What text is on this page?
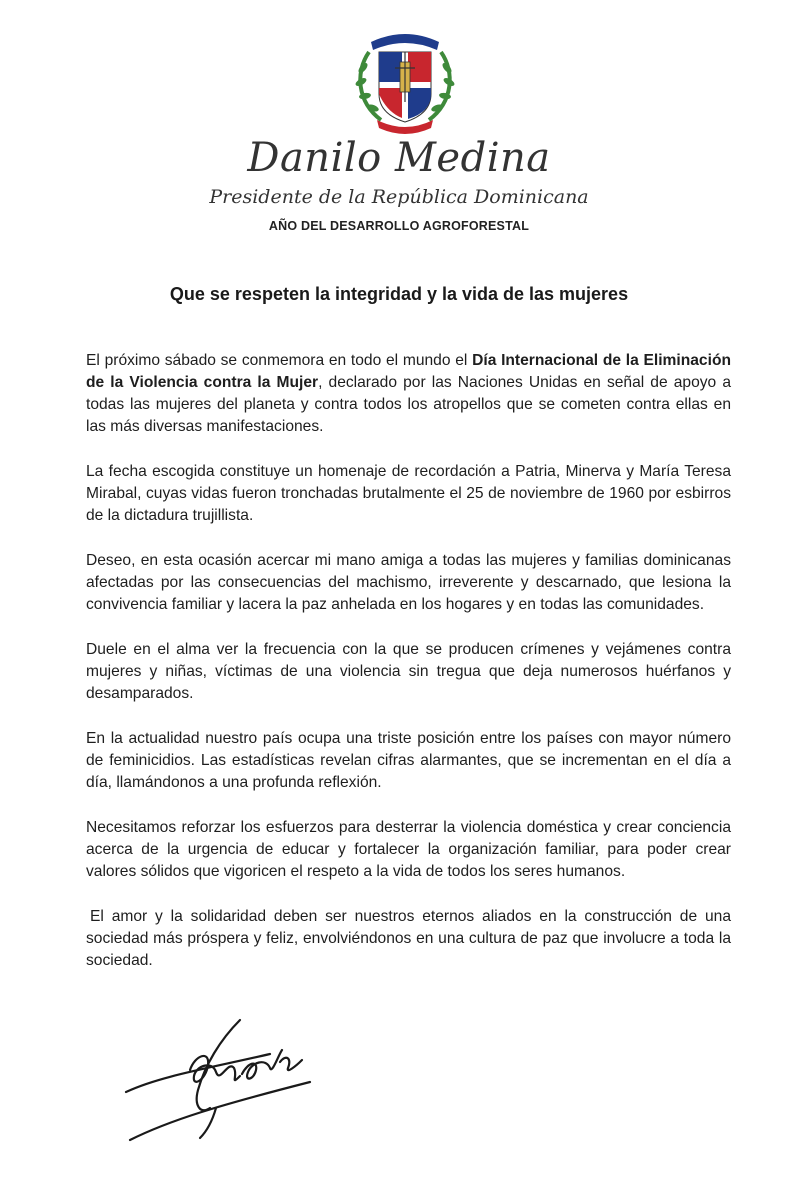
Danilo Medina
Presidente de la República Dominicana
AÑO DEL DESARROLLO AGROFORESTAL
Que se respeten la integridad y la vida de las mujeres

El próximo sábado se conmemora en todo el mundo el Día Internacional de la Eliminación de la Violencia contra la Mujer, declarado por las Naciones Unidas en señal de apoyo a todas las mujeres del planeta y contra todos los atropellos que se cometen contra ellas en las más diversas manifestaciones.

La fecha escogida constituye un homenaje de recordación a Patria, Minerva y María Teresa Mirabal, cuyas vidas fueron tronchadas brutalmente el 25 de noviembre de 1960 por esbirros de la dictadura trujillista.

Deseo, en esta ocasión acercar mi mano amiga a todas las mujeres y familias dominicanas afectadas por las consecuencias del machismo, irreverente y descarnado, que lesiona la convivencia familiar y lacera la paz anhelada en los hogares y en todas las comunidades.

Duele en el alma ver la frecuencia con la que se producen crímenes y vejámenes contra mujeres y niñas, víctimas de una violencia sin tregua que deja numerosos huérfanos y desamparados.

En la actualidad nuestro país ocupa una triste posición entre los países con mayor número de feminicidios. Las estadísticas revelan cifras alarmantes, que se incrementan en el día a día, llamándonos a una profunda reflexión.

Necesitamos reforzar los esfuerzos para desterrar la violencia doméstica y crear conciencia acerca de la urgencia de educar y fortalecer la organización familiar, para poder crear valores sólidos que vigoricen el respeto a la vida de todos los seres humanos.

El amor y la solidaridad deben ser nuestros eternos aliados en la construcción de una sociedad más próspera y feliz, envolviéndonos en una cultura de paz que involucre a toda la sociedad.
